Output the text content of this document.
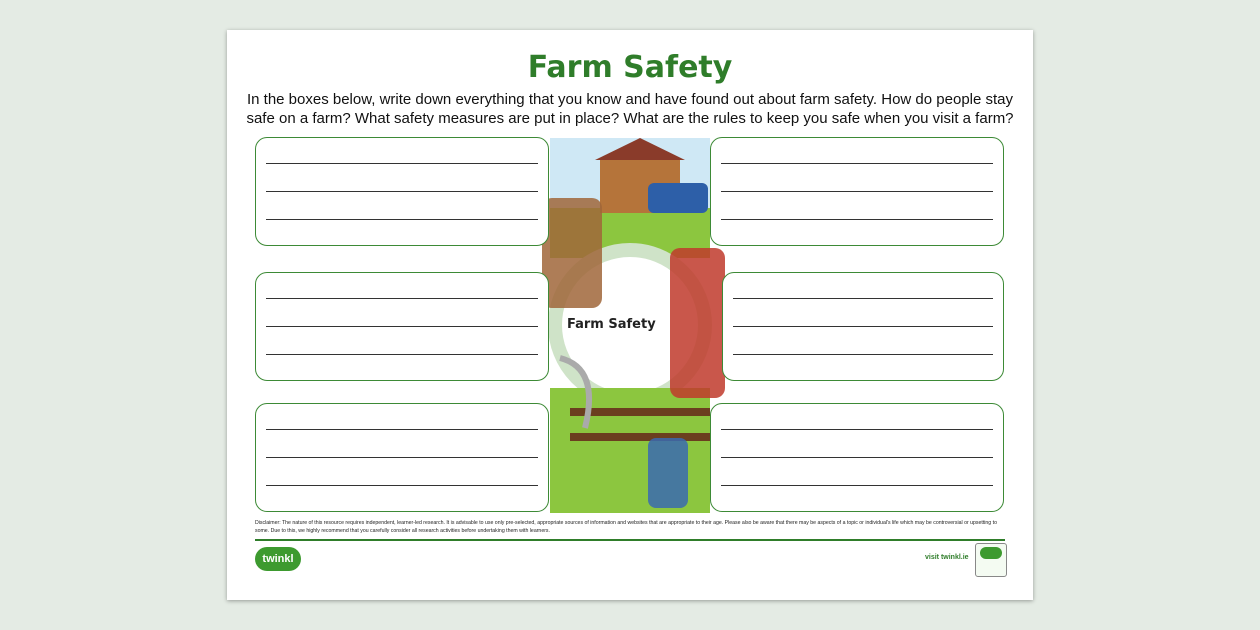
Farm Safety
In the boxes below, write down everything that you know and have found out about farm safety. How do people stay safe on a farm? What safety measures are put in place? What are the rules to keep you safe when you visit a farm?
Farm Safety
Disclaimer: The nature of this resource requires independent, learner-led research. It is advisable to use only pre-selected, appropriate sources of information and websites that are appropriate to their age. Please also be aware that there may be aspects of a topic or individual's life which may be controversial or upsetting to some. Due to this, we highly recommend that you carefully consider all research activities before undertaking them with learners.
twinkl	visit twinkl.ie
